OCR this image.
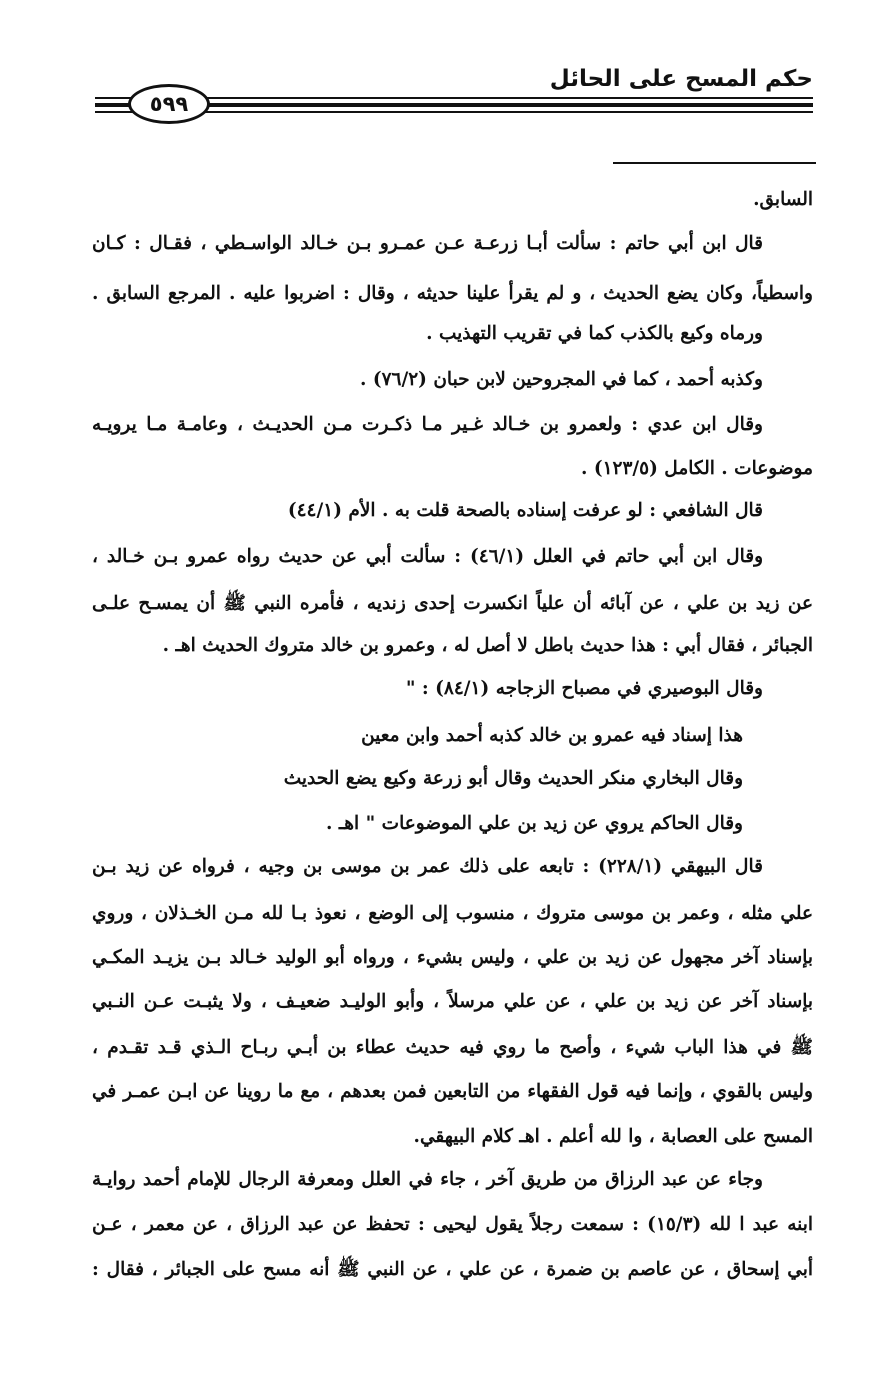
حكم المسح على الحائل
٥٩٩
السابق.
قال ابن أبي حاتم : سألت أبـا زرعـة عـن عمـرو بـن خـالد الواسـطي ، فقـال : كـان
واسطياً، وكان يضع الحديث ، و لم يقرأ علينا حديثه ، وقال : اضربوا عليه . المرجع السابق .
ورماه وكيع بالكذب كما في تقريب التهذيب .
وكذبه أحمد ، كما في المجروحين لابن حبان (٧٦/٢) .
وقال ابن عدي : ولعمرو بن خـالد غـير مـا ذكـرت مـن الحديـث ، وعامـة مـا يرويـه
موضوعات . الكامل (١٢٣/٥) .
قال الشافعي : لو عرفت إسناده بالصحة قلت به . الأم (٤٤/١)
وقال ابن أبي حاتم في العلل (٤٦/١) : سألت أبي عن حديث رواه عمرو بـن خـالد ،
عن زيد بن علي ، عن آبائه أن علياً انكسرت إحدى زنديه ، فأمره النبي ﷺ أن يمسـح علـى
الجبائر ، فقال أبي : هذا حديث باطل لا أصل له ، وعمرو بن خالد متروك الحديث اهـ .
وقال البوصيري في مصباح الزجاجه (٨٤/١) : "
هذا إسناد فيه عمرو بن خالد كذبه أحمد وابن معين
وقال البخاري منكر الحديث وقال أبو زرعة وكيع يضع الحديث
وقال الحاكم يروي عن زيد بن علي الموضوعات " اهـ .
قال البيهقي (٢٢٨/١) : تابعه على ذلك عمر بن موسى بن وجيه ، فرواه عن زيد بـن
علي مثله ، وعمر بن موسى متروك ، منسوب إلى الوضع ، نعوذ بـا لله مـن الخـذلان ، وروي
بإسناد آخر مجهول عن زيد بن علي ، وليس بشيء ، ورواه أبو الوليد خـالد بـن يزيـد المكـي
بإسناد آخر عن زيد بن علي ، عن علي مرسلاً ، وأبو الوليـد ضعيـف ، ولا يثبـت عـن النـبي
ﷺ في هذا الباب شيء ، وأصح ما روي فيه حديث عطاء بن أبـي ربـاح الـذي قـد تقـدم ،
وليس بالقوي ، وإنما فيه قول الفقهاء من التابعين فمن بعدهم ، مع ما روينا عن ابـن عمـر في
المسح على العصابة ، وا لله أعلم . اهـ كلام البيهقي.
وجاء عن عبد الرزاق من طريق آخر ، جاء في العلل ومعرفة الرجال للإمام أحمد روايـة
ابنه عبد ا لله (١٥/٣) : سمعت رجلاً يقول ليحيى : تحفظ عن عبد الرزاق ، عن معمر ، عـن
أبي إسحاق ، عن عاصم بن ضمرة ، عن علي ، عن النبي ﷺ أنه مسح على الجبائر ، فقال :
